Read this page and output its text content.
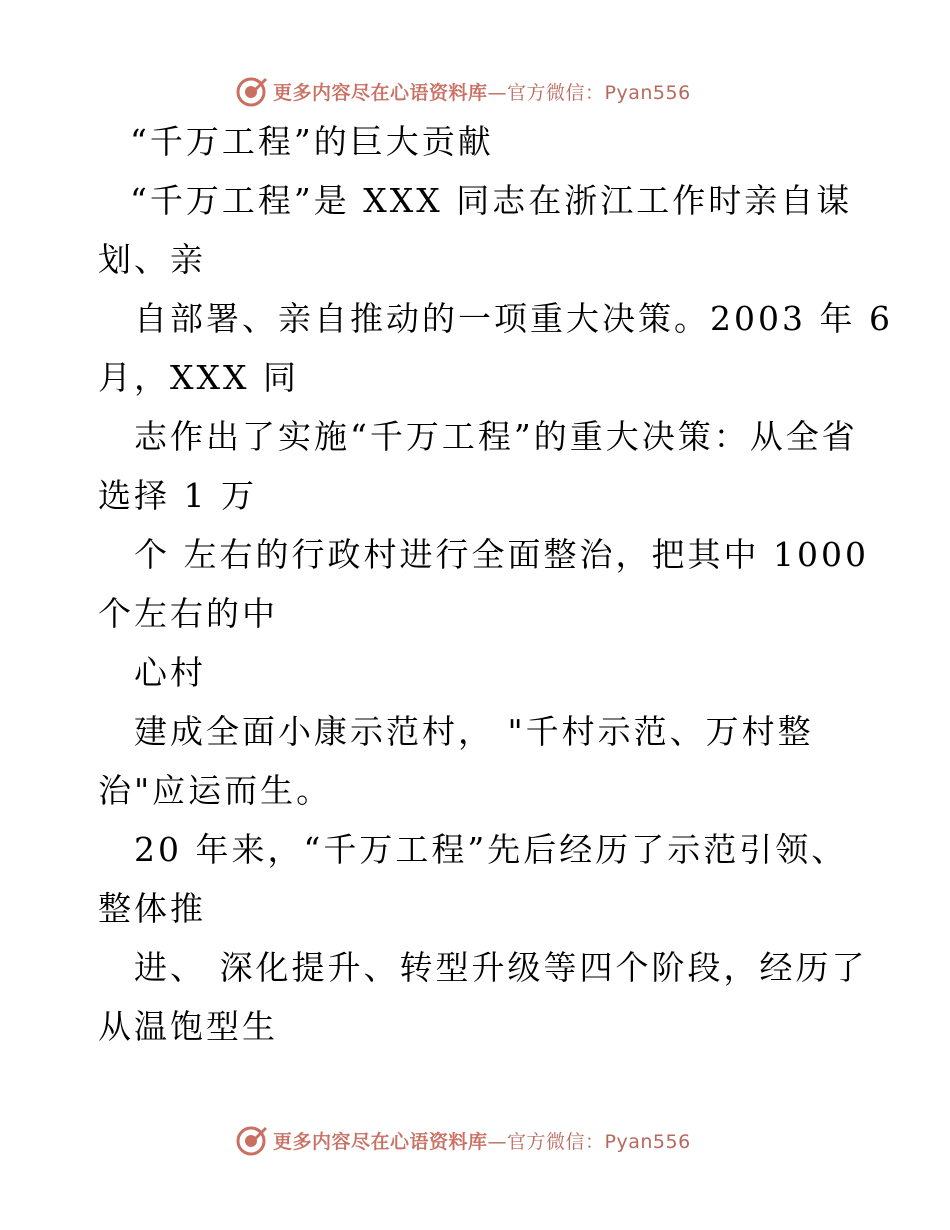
更多内容尽在心语资料库—官方微信：Pyan556
“千万工程”的巨大贡献
“千万工程”是 XXX 同志在浙江工作时亲自谋
划、亲
自部署、亲自推动的一项重大决策。2003 年 6
月，XXX 同
志作出了实施“千万工程”的重大决策：从全省
选择 1 万
个 左右的行政村进行全面整治，把其中 1000
个左右的中
心村
建成全面小康示范村， "千村示范、万村整
治"应运而生。
20 年来，“千万工程”先后经历了示范引领、
整体推
进、 深化提升、转型升级等四个阶段，经历了
从温饱型生
更多内容尽在心语资料库—官方微信：Pyan556
